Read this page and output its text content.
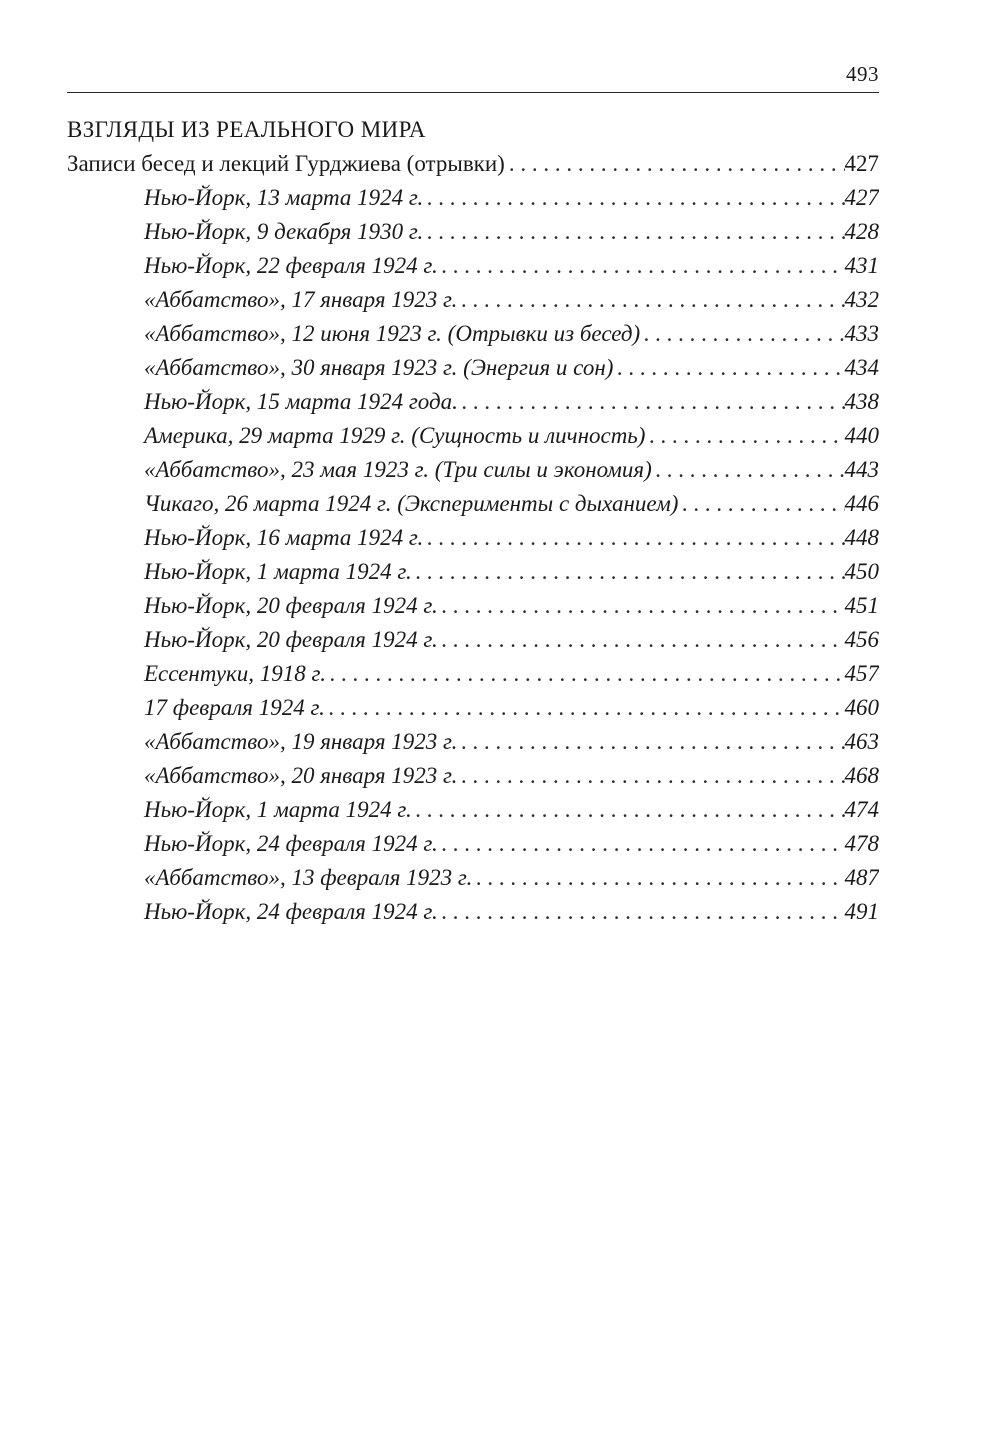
493
ВЗГЛЯДЫ ИЗ РЕАЛЬНОГО МИРА
Записи бесед и лекций Гурджиева (отрывки) . . .	427
Нью-Йорк, 13 марта 1924 г. . . .	427
Нью-Йорк, 9 декабря 1930 г. . . .	428
Нью-Йорк, 22 февраля 1924 г. . . .	431
«Аббатство», 17 января 1923 г. . . .	432
«Аббатство», 12 июня 1923 г. (Отрывки из бесед) . . .	433
«Аббатство», 30 января 1923 г. (Энергия и сон) . . .	434
Нью-Йорк, 15 марта 1924 года. . . .	438
Америка, 29 марта 1929 г. (Сущность и личность) . . .	440
«Аббатство», 23 мая 1923 г. (Три силы и экономия) . . .	443
Чикаго, 26 марта 1924 г. (Эксперименты с дыханием) . . .	446
Нью-Йорк, 16 марта 1924 г. . . .	448
Нью-Йорк, 1 марта 1924 г. . . .	450
Нью-Йорк, 20 февраля 1924 г. . . .	451
Нью-Йорк, 20 февраля 1924 г. . . .	456
Ессентуки, 1918 г. . . .	457
17 февраля 1924 г. . . .	460
«Аббатство», 19 января 1923 г. . . .	463
«Аббатство», 20 января 1923 г. . . .	468
Нью-Йорк, 1 марта 1924 г. . . .	474
Нью-Йорк, 24 февраля 1924 г. . . .	478
«Аббатство», 13 февраля 1923 г. . . .	487
Нью-Йорк, 24 февраля 1924 г. . . .	491
